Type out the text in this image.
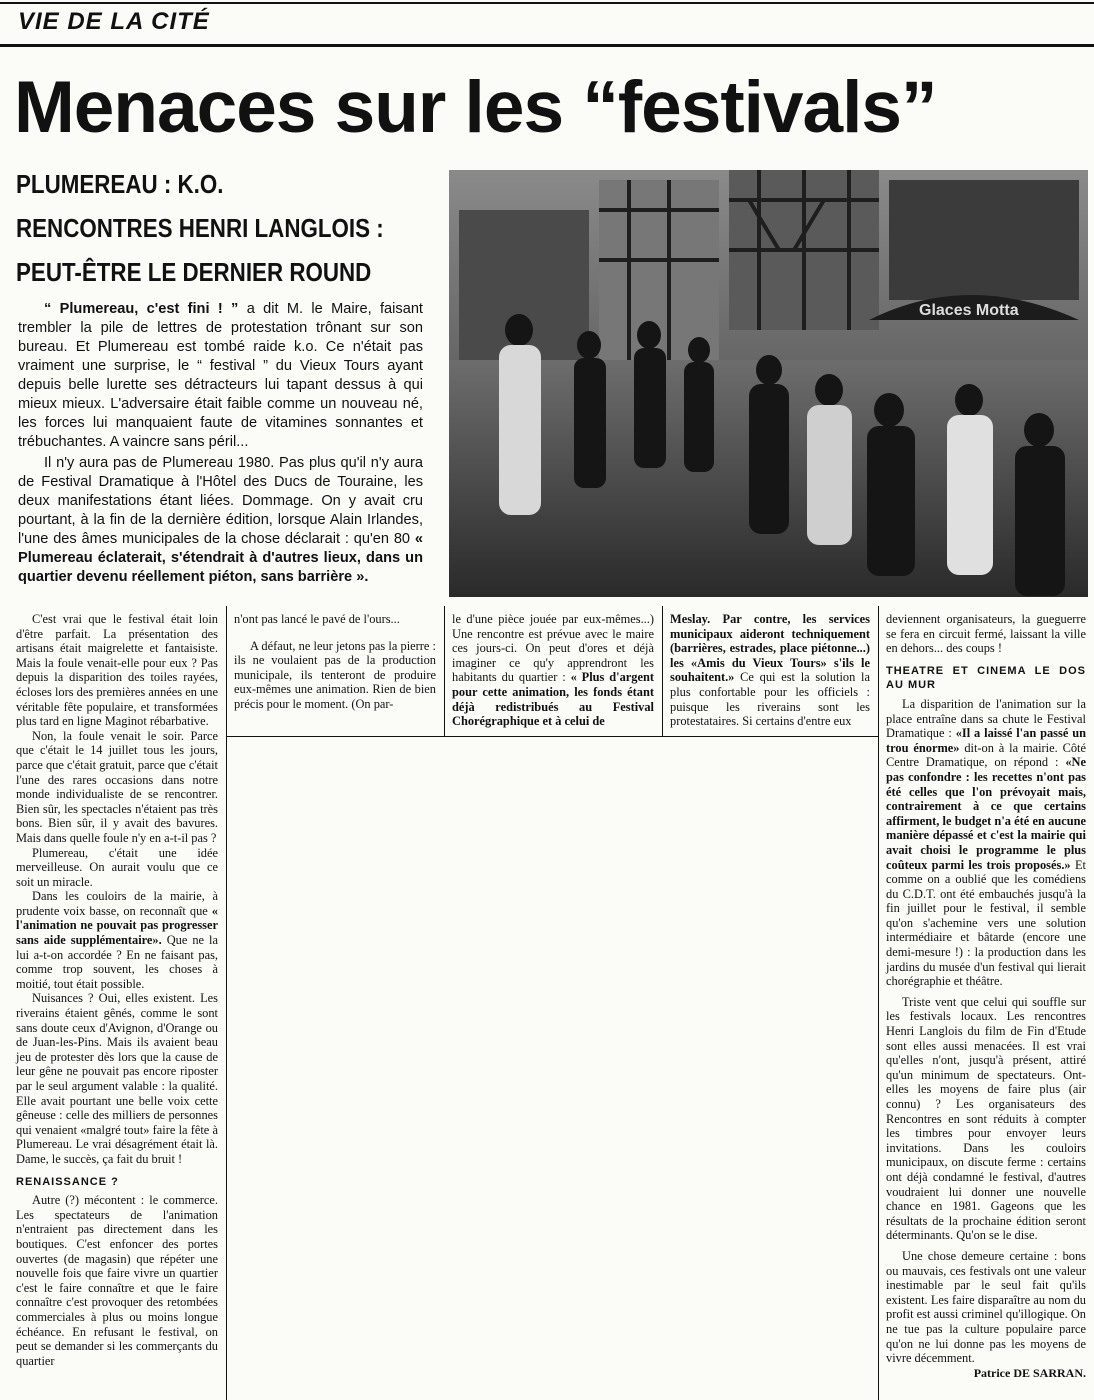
VIE DE LA CITÉ
Menaces sur les “festivals”
PLUMEREAU : K.O.
RENCONTRES HENRI LANGLOIS :
PEUT-ÊTRE LE DERNIER ROUND

“ Plumereau, c'est fini ! ” a dit M. le Maire, faisant trembler la pile de lettres de protestation trônant sur son bureau. Et Plumereau est tombé raide k.o. Ce n'était pas vraiment une surprise, le “ festival ” du Vieux Tours ayant depuis belle lurette ses détracteurs lui tapant dessus à qui mieux mieux. L'adversaire était faible comme un nouveau né, les forces lui manquaient faute de vitamines sonnantes et trébuchantes. A vaincre sans péril...

Il n'y aura pas de Plumereau 1980. Pas plus qu'il n'y aura de Festival Dramatique à l'Hôtel des Ducs de Touraine, les deux manifestations étant liées. Dommage. On y avait cru pourtant, à la fin de la dernière édition, lorsque Alain Irlandes, l'une des âmes municipales de la chose déclarait : qu'en 80 « Plumereau éclaterait, s'étendrait à d'autres lieux, dans un quartier devenu réellement piéton, sans barrière ».

Glaces Motta

C'est vrai que le festival était loin d'être parfait. La présentation des artisans était maigrelette et fantaisiste. Mais la foule venait-elle pour eux ? Pas depuis la disparition des toiles rayées, écloses lors des premières années en une véritable fête populaire, et transformées plus tard en ligne Maginot rébarbative.

Non, la foule venait le soir. Parce que c'était le 14 juillet tous les jours, parce que c'était gratuit, parce que c'était l'une des rares occasions dans notre monde individualiste de se rencontrer. Bien sûr, les spectacles n'étaient pas très bons. Bien sûr, il y avait des bavures. Mais dans quelle foule n'y en a-t-il pas ?

Plumereau, c'était une idée merveilleuse. On aurait voulu que ce soit un miracle.

Dans les couloirs de la mairie, à prudente voix basse, on reconnaît que « l'animation ne pouvait pas progresser sans aide supplémentaire». Que ne la lui a-t-on accordée ? En ne faisant pas, comme trop souvent, les choses à moitié, tout était possible.

Nuisances ? Oui, elles existent. Les riverains étaient gênés, comme le sont sans doute ceux d'Avignon, d'Orange ou de Juan-les-Pins. Mais ils avaient beau jeu de protester dès lors que la cause de leur gêne ne pouvait pas encore riposter par le seul argument valable : la qualité. Elle avait pourtant une belle voix cette gêneuse : celle des milliers de personnes qui venaient «malgré tout» faire la fête à Plumereau. Le vrai désagrément était là. Dame, le succès, ça fait du bruit !

RENAISSANCE ?

Autre (?) mécontent : le commerce. Les spectateurs de l'animation n'entraient pas directement dans les boutiques. C'est enfoncer des portes ouvertes (de magasin) que répéter une nouvelle fois que faire vivre un quartier c'est le faire connaître et que le faire connaître c'est provoquer des retombées commerciales à plus ou moins longue échéance. En refusant le festival, on peut se demander si les commerçants du quartier

n'ont pas lancé le pavé de l'ours...

A défaut, ne leur jetons pas la pierre : ils ne voulaient pas de la production municipale, ils tenteront de produire eux-mêmes une animation. Rien de bien précis pour le moment. (On par-

le d'une pièce jouée par eux-mêmes...) Une rencontre est prévue avec le maire ces jours-ci. On peut d'ores et déjà imaginer ce qu'y apprendront les habitants du quartier : « Plus d'argent pour cette animation, les fonds étant déjà redistribués au Festival Chorégraphique et à celui de

Meslay. Par contre, les services municipaux aideront techniquement (barrières, estrades, place piétonne...) les «Amis du Vieux Tours» s'ils le souhaitent.» Ce qui est la solution la plus confortable pour les officiels : puisque les riverains sont les protestataires. Si certains d'entre eux

deviennent organisateurs, la gueguerre se fera en circuit fermé, laissant la ville en dehors... des coups !

THEATRE ET CINEMA LE DOS AU MUR

La disparition de l'animation sur la place entraîne dans sa chute le Festival Dramatique : «Il a laissé l'an passé un trou énorme» dit-on à la mairie. Côté Centre Dramatique, on répond : «Ne pas confondre : les recettes n'ont pas été celles que l'on prévoyait mais, contrairement à ce que certains affirment, le budget n'a été en aucune manière dépassé et c'est la mairie qui avait choisi le programme le plus coûteux parmi les trois proposés.» Et comme on a oublié que les comédiens du C.D.T. ont été embauchés jusqu'à la fin juillet pour le festival, il semble qu'on s'achemine vers une solution intermédiaire et bâtarde (encore une demi-mesure !) : la production dans les jardins du musée d'un festival qui lierait chorégraphie et théâtre.

Triste vent que celui qui souffle sur les festivals locaux. Les rencontres Henri Langlois du film de Fin d'Etude sont elles aussi menacées. Il est vrai qu'elles n'ont, jusqu'à présent, attiré qu'un minimum de spectateurs. Ont-elles les moyens de faire plus (air connu) ? Les organisateurs des Rencontres en sont réduits à compter les timbres pour envoyer leurs invitations. Dans les couloirs municipaux, on discute ferme : certains ont déjà condamné le festival, d'autres voudraient lui donner une nouvelle chance en 1981. Gageons que les résultats de la prochaine édition seront déterminants. Qu'on se le dise.

Une chose demeure certaine : bons ou mauvais, ces festivals ont une valeur inestimable par le seul fait qu'ils existent. Les faire disparaître au nom du profit est aussi criminel qu'illogique. On ne tue pas la culture populaire parce qu'on ne lui donne pas les moyens de vivre décemment.

Patrice DE SARRAN.
